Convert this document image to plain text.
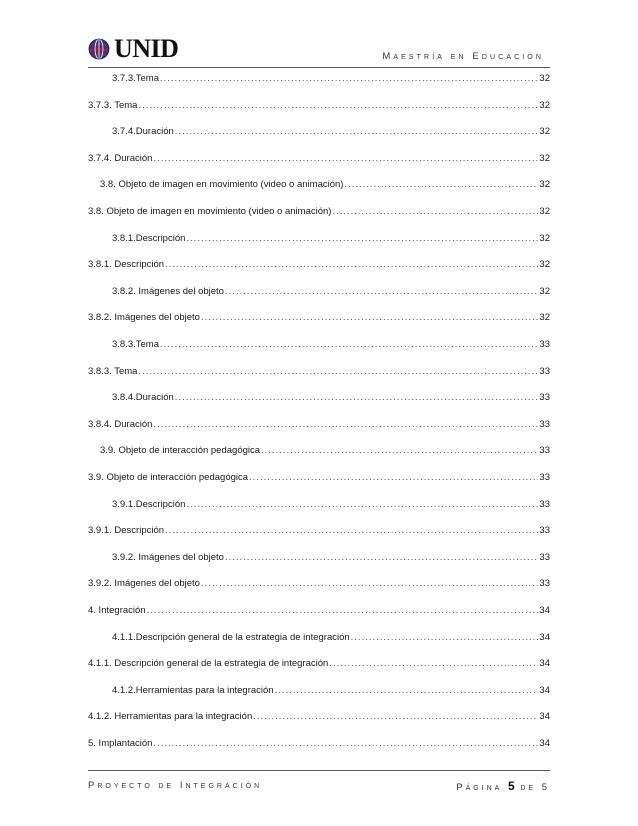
UNID	Maestría en Educación
3.7.3.Tema .....	32
3.7.3. Tema .....	32
3.7.4.Duración .....	32
3.7.4. Duración .....	32
3.8. Objeto de imagen en movimiento (video o animación) .....	32
3.8. Objeto de imagen en movimiento (video o animación) .....	32
3.8.1.Descripción .....	32
3.8.1. Descripción .....	32
3.8.2. Imágenes del objeto .....	32
3.8.2. Imágenes del objeto .....	32
3.8.3.Tema .....	33
3.8.3. Tema .....	33
3.8.4.Duración .....	33
3.8.4. Duración .....	33
3.9. Objeto de interacción pedagógica .....	33
3.9. Objeto de interacción pedagógica .....	33
3.9.1.Descripción .....	33
3.9.1. Descripción .....	33
3.9.2. Imágenes del objeto .....	33
3.9.2. Imágenes del objeto .....	33
4. Integración .....	34
4.1.1.Descripción general de la estrategia de integración .....	34
4.1.1. Descripción general de la estrategia de integración .....	34
4.1.2.Herramientas para la integración .....	34
4.1.2. Herramientas para la integración .....	34
5. Implantación .....	34
Proyecto de Integración	Página 5 de 5
